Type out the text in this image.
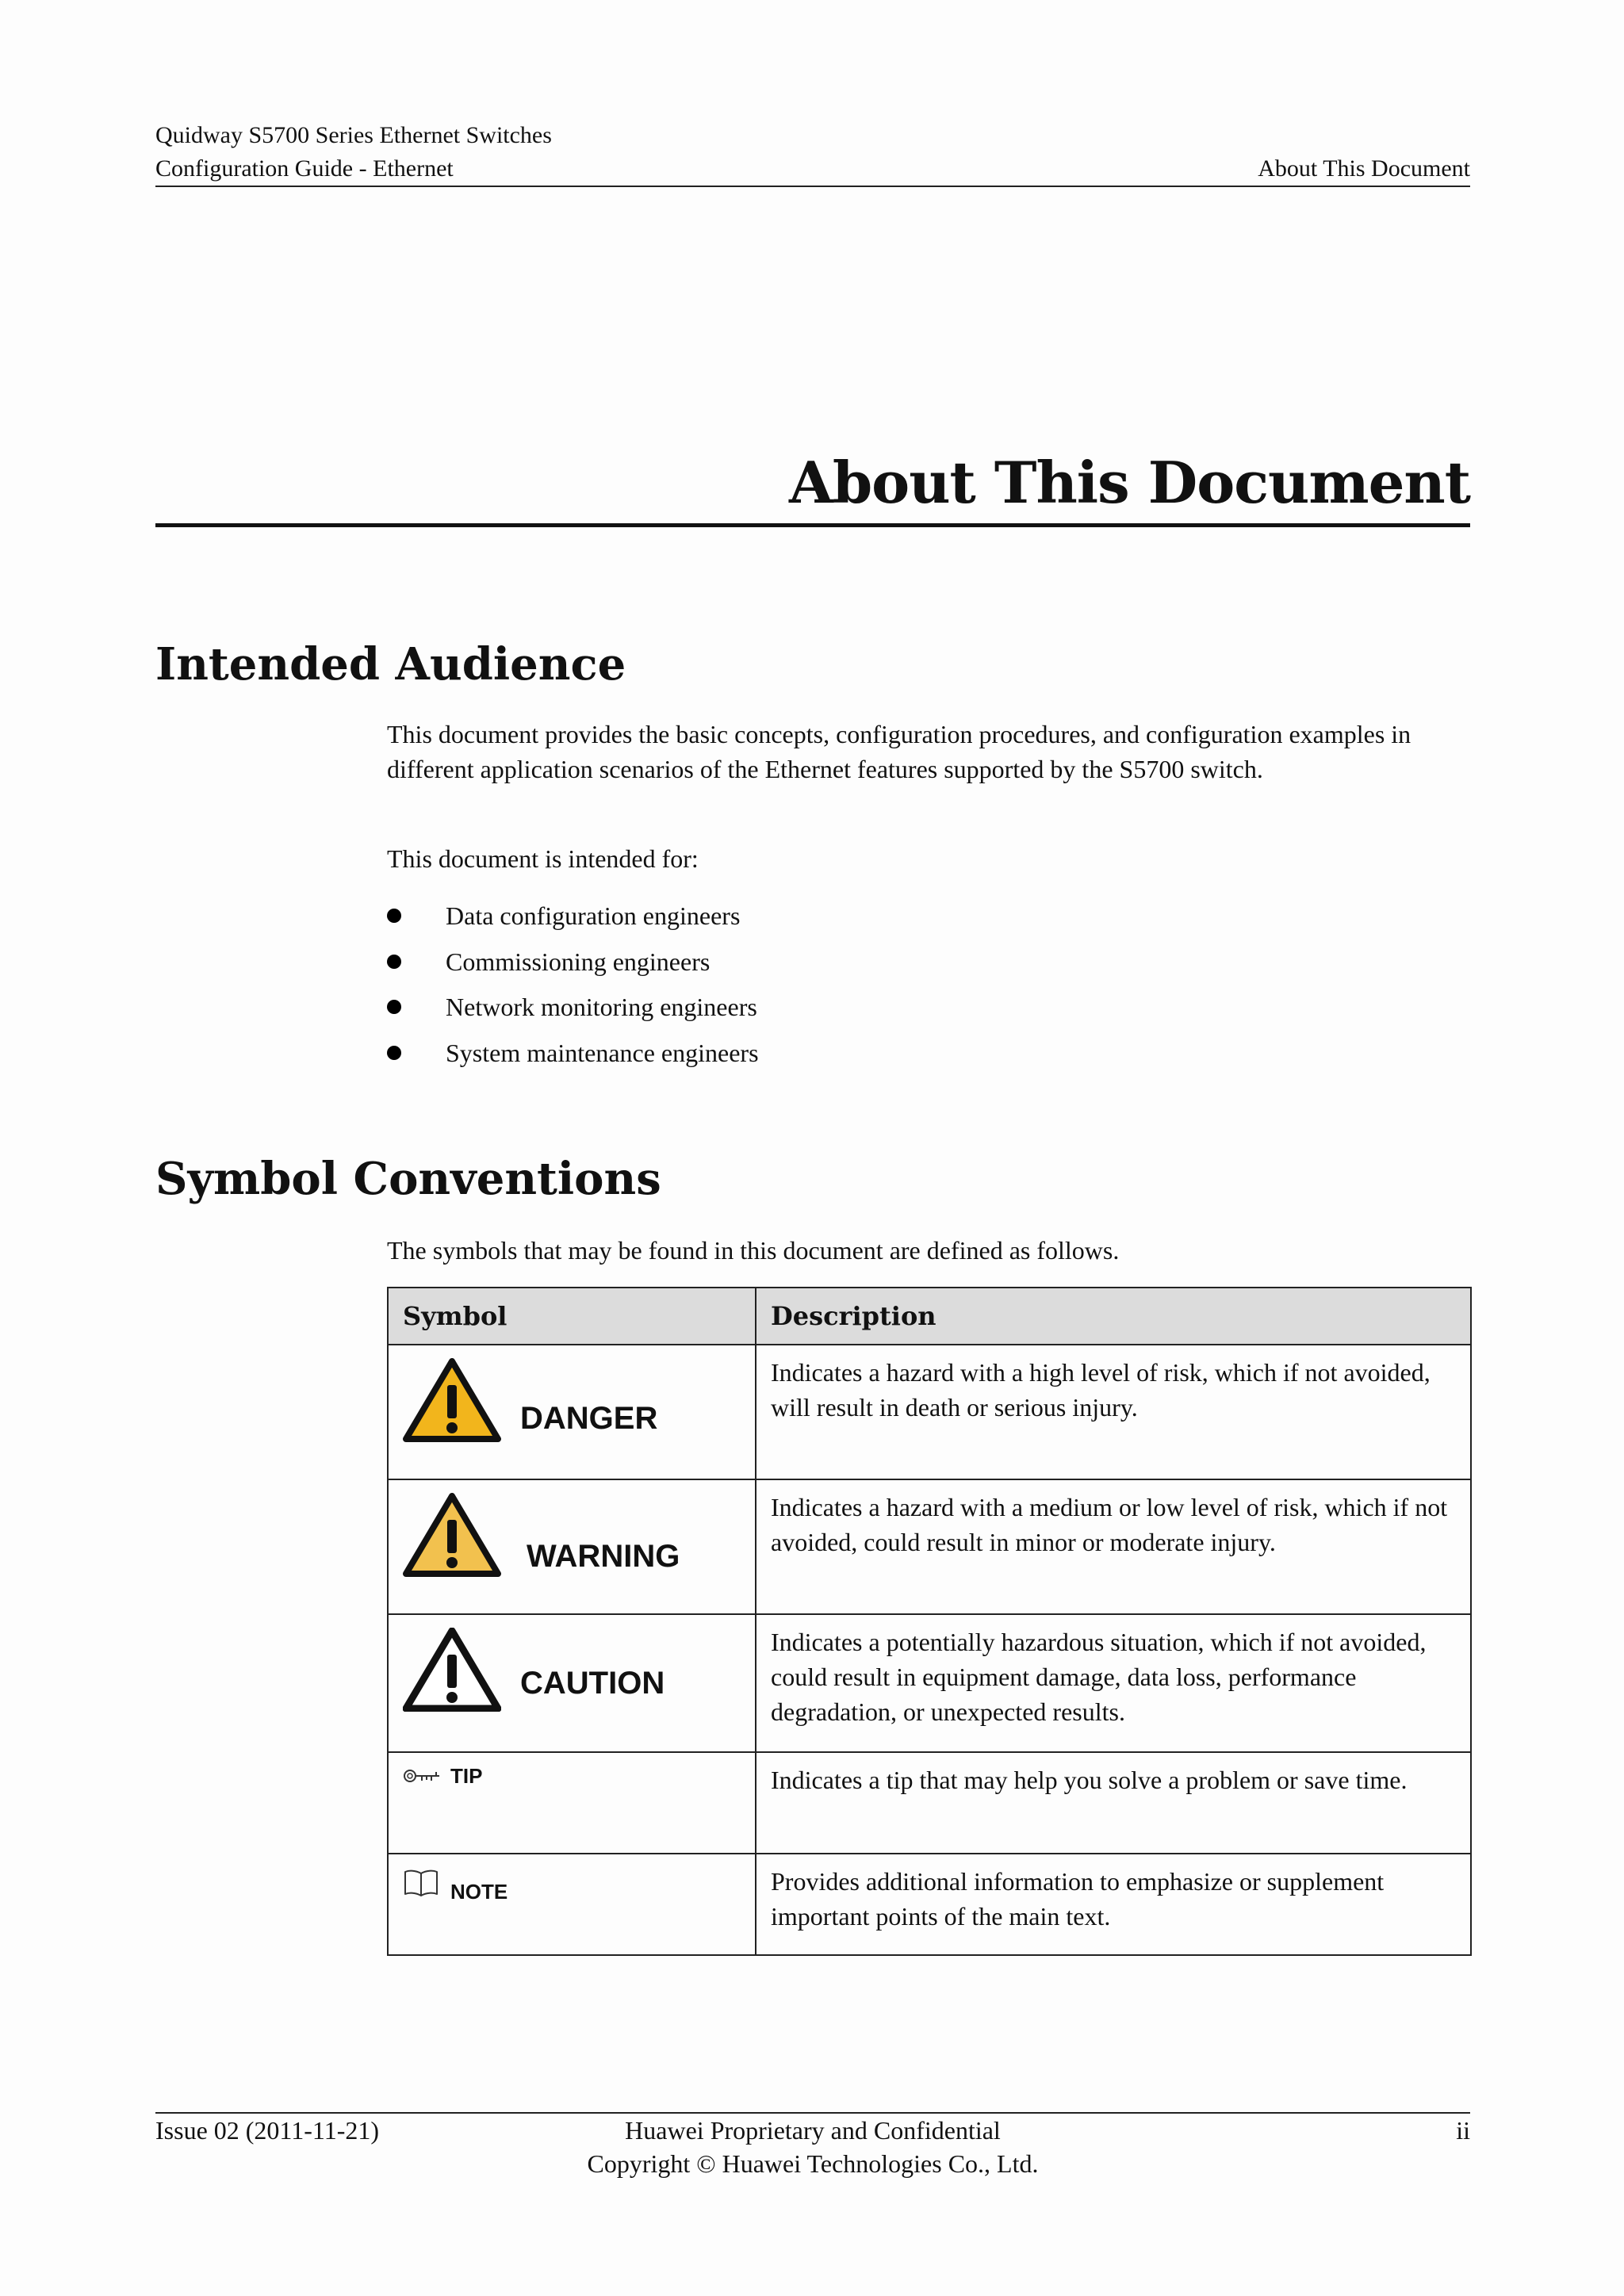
Quidway S5700 Series Ethernet Switches
Configuration Guide - Ethernet	About This Document
About This Document
Intended Audience
This document provides the basic concepts, configuration procedures, and configuration examples in different application scenarios of the Ethernet features supported by the S5700 switch.
This document is intended for:
Data configuration engineers
Commissioning engineers
Network monitoring engineers
System maintenance engineers
Symbol Conventions
The symbols that may be found in this document are defined as follows.
Symbol	Description

DANGER	Indicates a hazard with a high level of risk, which if not avoided, will result in death or serious injury.

WARNING	Indicates a hazard with a medium or low level of risk, which if not avoided, could result in minor or moderate injury.

CAUTION	Indicates a potentially hazardous situation, which if not avoided, could result in equipment damage, data loss, performance degradation, or unexpected results.

TIP	Indicates a tip that may help you solve a problem or save time.

NOTE	Provides additional information to emphasize or supplement important points of the main text.
Issue 02 (2011-11-21)	Huawei Proprietary and Confidential
Copyright © Huawei Technologies Co., Ltd.
ii
